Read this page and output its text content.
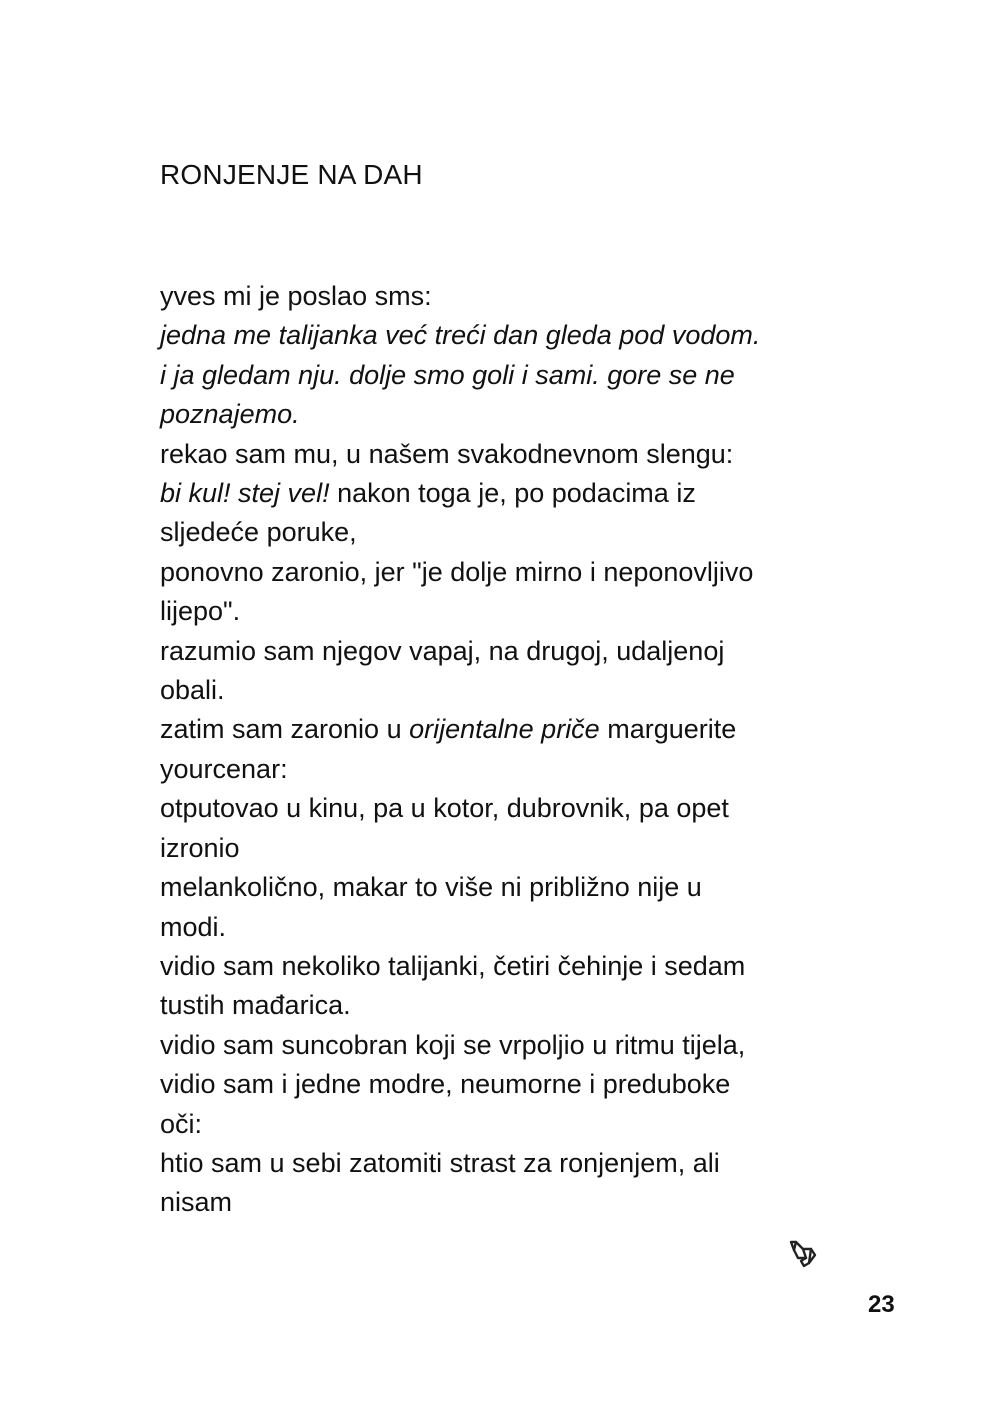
RONJENJE NA DAH
yves mi je poslao sms:
jedna me talijanka već treći dan gleda pod vodom.
i ja gledam nju. dolje smo goli i sami. gore se ne
poznajemo.
rekao sam mu, u našem svakodnevnom slengu:
bi kul! stej vel! nakon toga je, po podacima iz
sljedeće poruke,
ponovno zaronio, jer "je dolje mirno i neponovljivo
lijepo".
razumio sam njegov vapaj, na drugoj, udaljenoj
obali.
zatim sam zaronio u orijentalne priče marguerite
yourcenar:
otputovao u kinu, pa u kotor, dubrovnik, pa opet
izronio
melankolično, makar to više ni približno nije u
modi.
vidio sam nekoliko talijanki, četiri čehinje i sedam
tustih mađarica.
vidio sam suncobran koji se vrpoljio u ritmu tijela,
vidio sam i jedne modre, neumorne i preduboke
oči:
htio sam u sebi zatomiti strast za ronjenjem, ali
nisam
23
